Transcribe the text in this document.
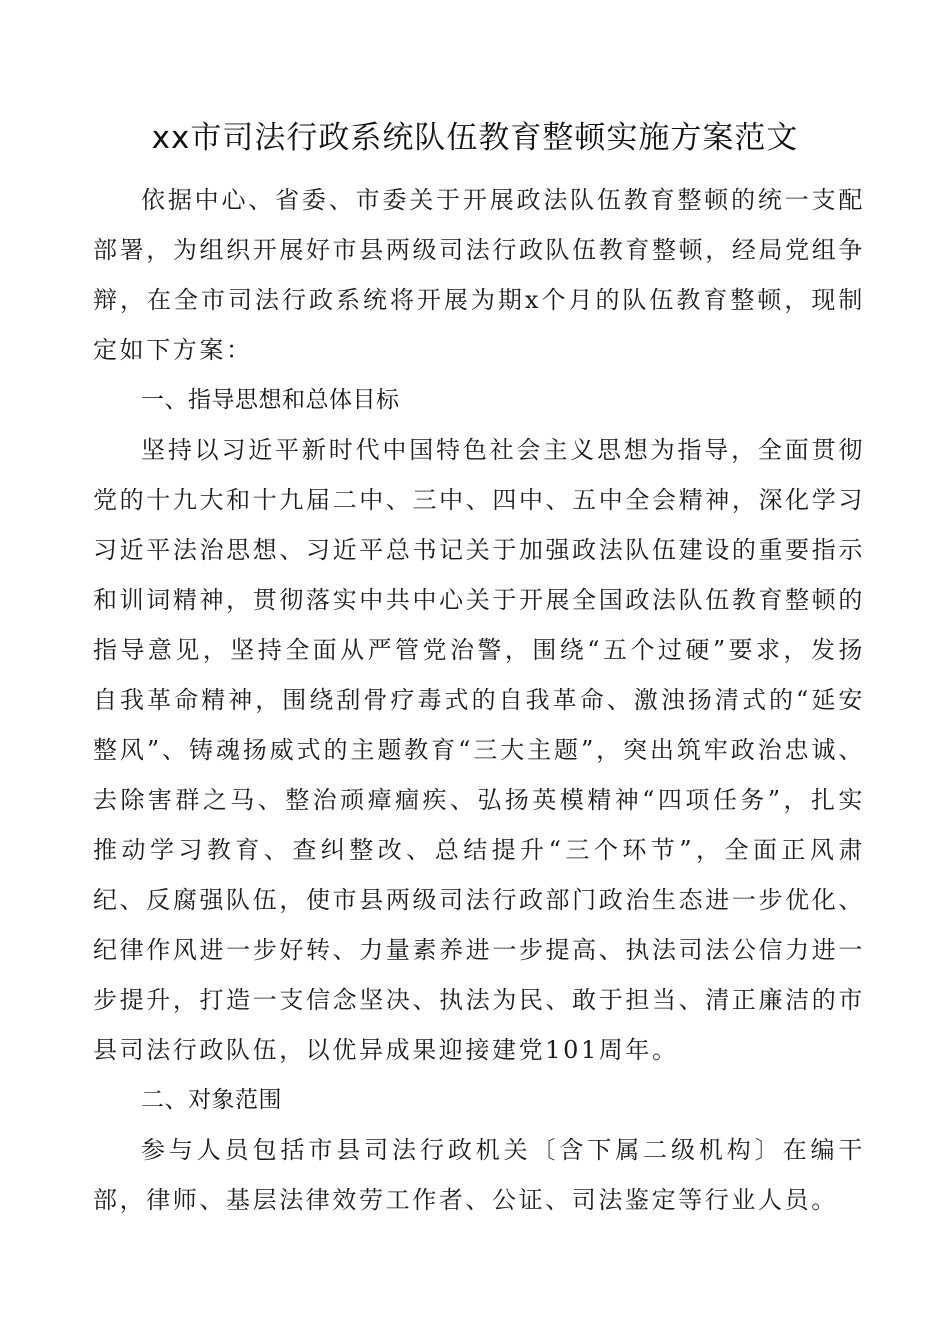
xx市司法行政系统队伍教育整顿实施方案范文

依据中心、省委、市委关于开展政法队伍教育整顿的统一支配部署，为组织开展好市县两级司法行政队伍教育整顿，经局党组争辩，在全市司法行政系统将开展为期x个月的队伍教育整顿，现制定如下方案：

一、指导思想和总体目标

坚持以习近平新时代中国特色社会主义思想为指导，全面贯彻党的十九大和十九届二中、三中、四中、五中全会精神，深化学习习近平法治思想、习近平总书记关于加强政法队伍建设的重要指示和训词精神，贯彻落实中共中心关于开展全国政法队伍教育整顿的指导意见，坚持全面从严管党治警，围绕“五个过硬”要求，发扬自我革命精神，围绕刮骨疗毒式的自我革命、激浊扬清式的“延安整风”、铸魂扬威式的主题教育“三大主题”，突出筑牢政治忠诚、去除害群之马、整治顽瘴痼疾、弘扬英模精神“四项任务”，扎实推动学习教育、查纠整改、总结提升“三个环节”，全面正风肃纪、反腐强队伍，使市县两级司法行政部门政治生态进一步优化、纪律作风进一步好转、力量素养进一步提高、执法司法公信力进一步提升，打造一支信念坚决、执法为民、敢于担当、清正廉洁的市县司法行政队伍，以优异成果迎接建党101周年。

二、对象范围

参与人员包括市县司法行政机关〔含下属二级机构〕在编干部，律师、基层法律效劳工作者、公证、司法鉴定等行业人员。
